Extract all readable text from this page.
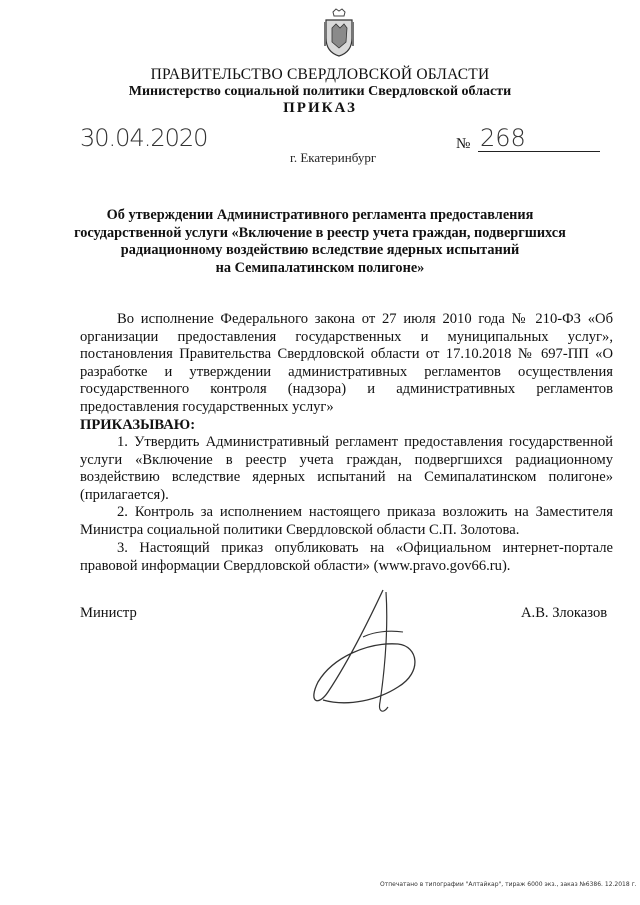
ПРАВИТЕЛЬСТВО СВЕРДЛОВСКОЙ ОБЛАСТИ
Министерство социальной политики Свердловской области
ПРИКАЗ
30.04.2020	№ 268
г. Екатеринбург
Об утверждении Административного регламента предоставления
государственной услуги «Включение в реестр учета граждан, подвергшихся
радиационному воздействию вследствие ядерных испытаний
на Семипалатинском полигоне»
Во исполнение Федерального закона от 27 июля 2010 года № 210-ФЗ «Об организации предоставления государственных и муниципальных услуг», постановления Правительства Свердловской области от 17.10.2018 № 697-ПП «О разработке и утверждении административных регламентов осуществления государственного контроля (надзора) и административных регламентов предоставления государственных услуг»
ПРИКАЗЫВАЮ:
1. Утвердить Административный регламент предоставления государственной услуги «Включение в реестр учета граждан, подвергшихся радиационному воздействию вследствие ядерных испытаний на Семипалатинском полигоне» (прилагается).
2. Контроль за исполнением настоящего приказа возложить на Заместителя Министра социальной политики Свердловской области С.П. Золотова.
3. Настоящий приказ опубликовать на «Официальном интернет-портале правовой информации Свердловской области» (www.pravo.gov66.ru).
Министр	А.В. Злоказов
Отпечатано в типографии "Алтайкар", тираж 6000 экз., заказ №6386. 12.2018 г.
